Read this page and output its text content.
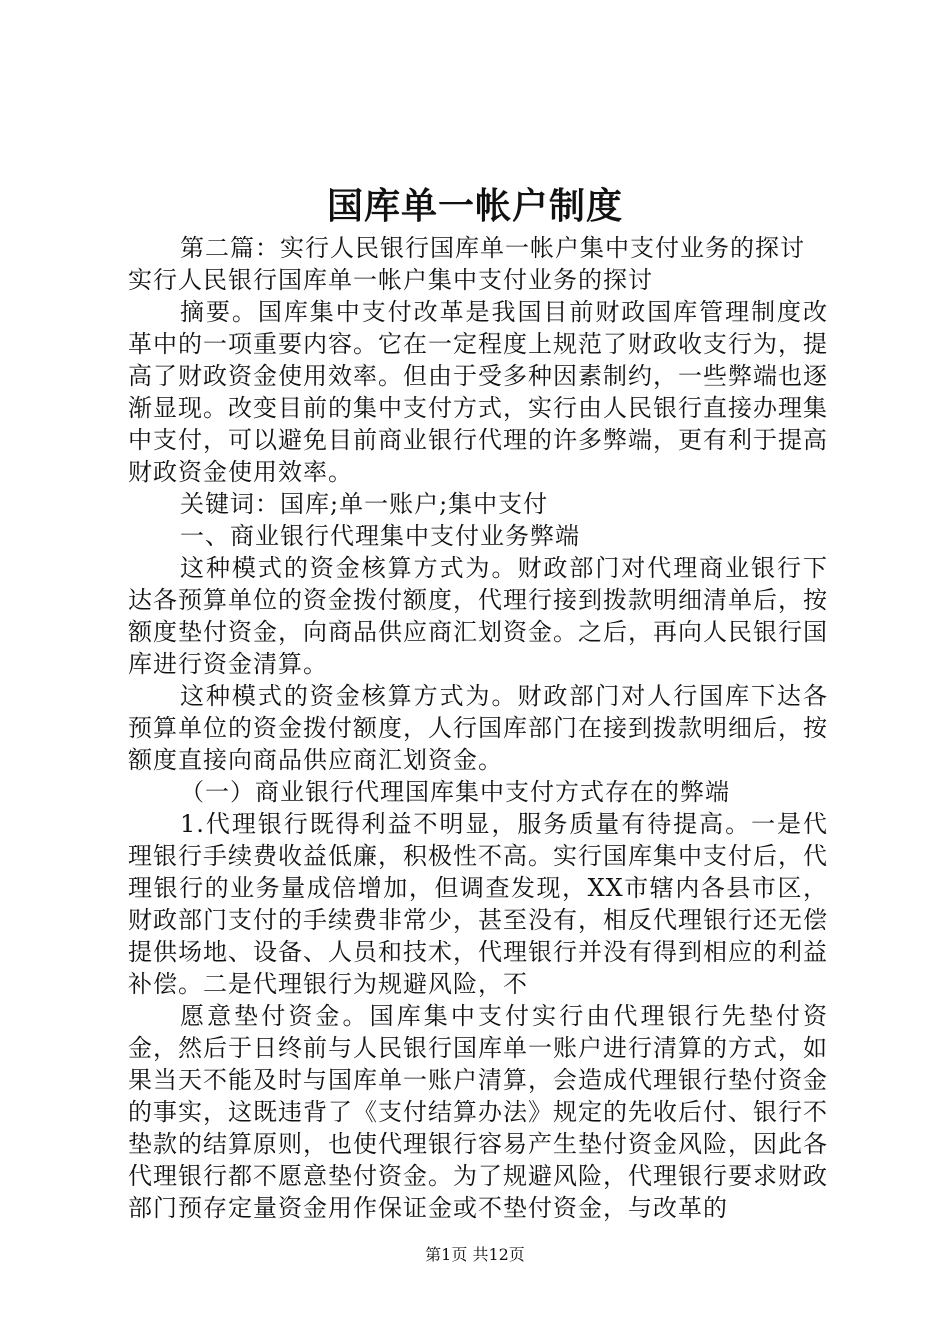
国库单一帐户制度

第二篇：实行人民银行国库单一帐户集中支付业务的探讨

实行人民银行国库单一帐户集中支付业务的探讨

摘要。国库集中支付改革是我国目前财政国库管理制度改革中的一项重要内容。它在一定程度上规范了财政收支行为，提高了财政资金使用效率。但由于受多种因素制约，一些弊端也逐渐显现。改变目前的集中支付方式，实行由人民银行直接办理集中支付，可以避免目前商业银行代理的许多弊端，更有利于提高财政资金使用效率。

关键词：国库;单一账户;集中支付

一、商业银行代理集中支付业务弊端

这种模式的资金核算方式为。财政部门对代理商业银行下达各预算单位的资金拨付额度，代理行接到拨款明细清单后，按额度垫付资金，向商品供应商汇划资金。之后，再向人民银行国库进行资金清算。

这种模式的资金核算方式为。财政部门对人行国库下达各预算单位的资金拨付额度，人行国库部门在接到拨款明细后，按额度直接向商品供应商汇划资金。

（一）商业银行代理国库集中支付方式存在的弊端

1.代理银行既得利益不明显，服务质量有待提高。一是代理银行手续费收益低廉，积极性不高。实行国库集中支付后，代理银行的业务量成倍增加，但调查发现，XX市辖内各县市区，财政部门支付的手续费非常少，甚至没有，相反代理银行还无偿提供场地、设备、人员和技术，代理银行并没有得到相应的利益补偿。二是代理银行为规避风险，不

愿意垫付资金。国库集中支付实行由代理银行先垫付资金，然后于日终前与人民银行国库单一账户进行清算的方式，如果当天不能及时与国库单一账户清算，会造成代理银行垫付资金的事实，这既违背了《支付结算办法》规定的先收后付、银行不垫款的结算原则，也使代理银行容易产生垫付资金风险，因此各代理银行都不愿意垫付资金。为了规避风险，代理银行要求财政部门预存定量资金用作保证金或不垫付资金，与改革的

第1页 共12页
